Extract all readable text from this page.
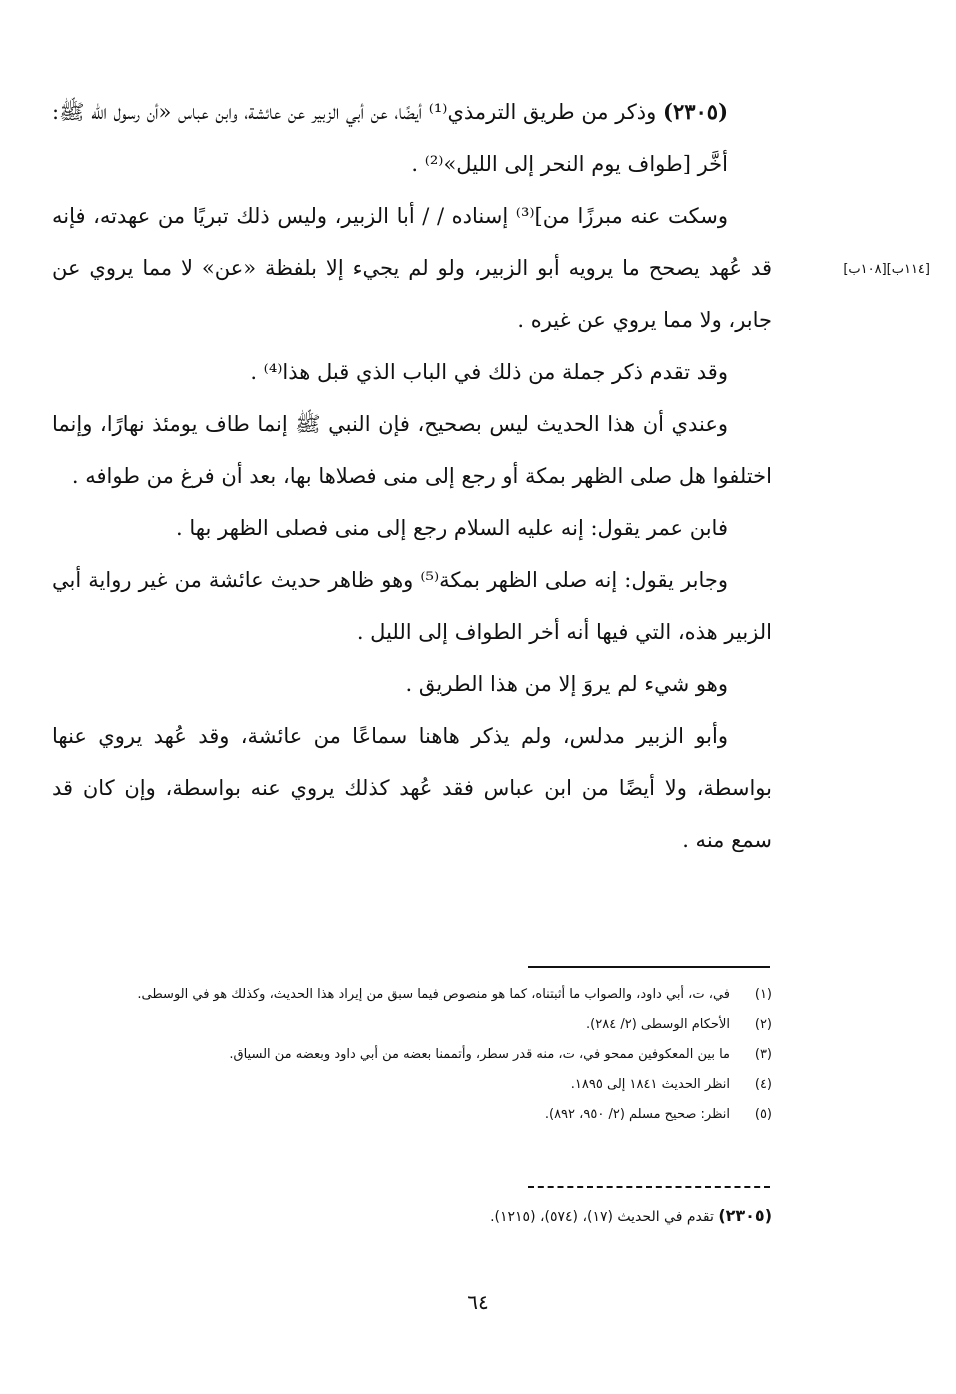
(٢٣٠٥) وذكر من طريق الترمذي⁽¹⁾ أيضًا، عن أبي الزبير عن عائشة، وابن عباس «أن رسول الله ﷺ:

أخَّر [طواف يوم النحر إلى الليل»⁽²⁾ .

وسكت عنه مبرزًا من]⁽³⁾ إسناده / / أبا الزبير، وليس ذلك تبريًا من عهدته، فإنه قد عُهد يصحح ما يرويه أبو الزبير، ولو لم يجيء إلا بلفظة «عن» لا مما يروي عن جابر، ولا مما يروي عن غيره .

وقد تقدم ذكر جملة من ذلك في الباب الذي قبل هذا⁽⁴⁾ .

وعندي أن هذا الحديث ليس بصحيح، فإن النبي ﷺ إنما طاف يومئذ نهارًا، وإنما اختلفوا هل صلى الظهر بمكة أو رجع إلى منى فصلاها بها، بعد أن فرغ من طوافه .

فابن عمر يقول: إنه عليه السلام رجع إلى منى فصلى الظهر بها .

وجابر يقول: إنه صلى الظهر بمكة⁽⁵⁾ وهو ظاهر حديث عائشة من غير رواية أبي الزبير هذه، التي فيها أنه أخر الطواف إلى الليل .

وهو شيء لم يروَ إلا من هذا الطريق .

وأبو الزبير مدلس، ولم يذكر هاهنا سماعًا من عائشة، وقد عُهد يروي عنها بواسطة، ولا أيضًا من ابن عباس فقد عُهد كذلك يروي عنه بواسطة، وإن كان قد سمع منه .

[١١٤ب][١٠٨ب]
(١)
في، ت، أبي داود، والصواب ما أثبتناه، كما هو منصوص فيما سبق من إيراد هذا الحديث، وكذلك هو في الوسطى.
(٢)
الأحكام الوسطى (٢/ ٢٨٤).
(٣)
ما بين المعكوفين ممحو في، ت، منه قدر سطر، وأتممنا بعضه من أبي داود وبعضه من السياق.
(٤)
انظر الحديث ١٨٤١ إلى ١٨٩٥.
(٥)
انظر: صحيح مسلم (٢/ ٩٥٠، ٨٩٢).
(٢٣٠٥) تقدم في الحديث (١٧)، (٥٧٤)، (١٢١٥).
٦٤
